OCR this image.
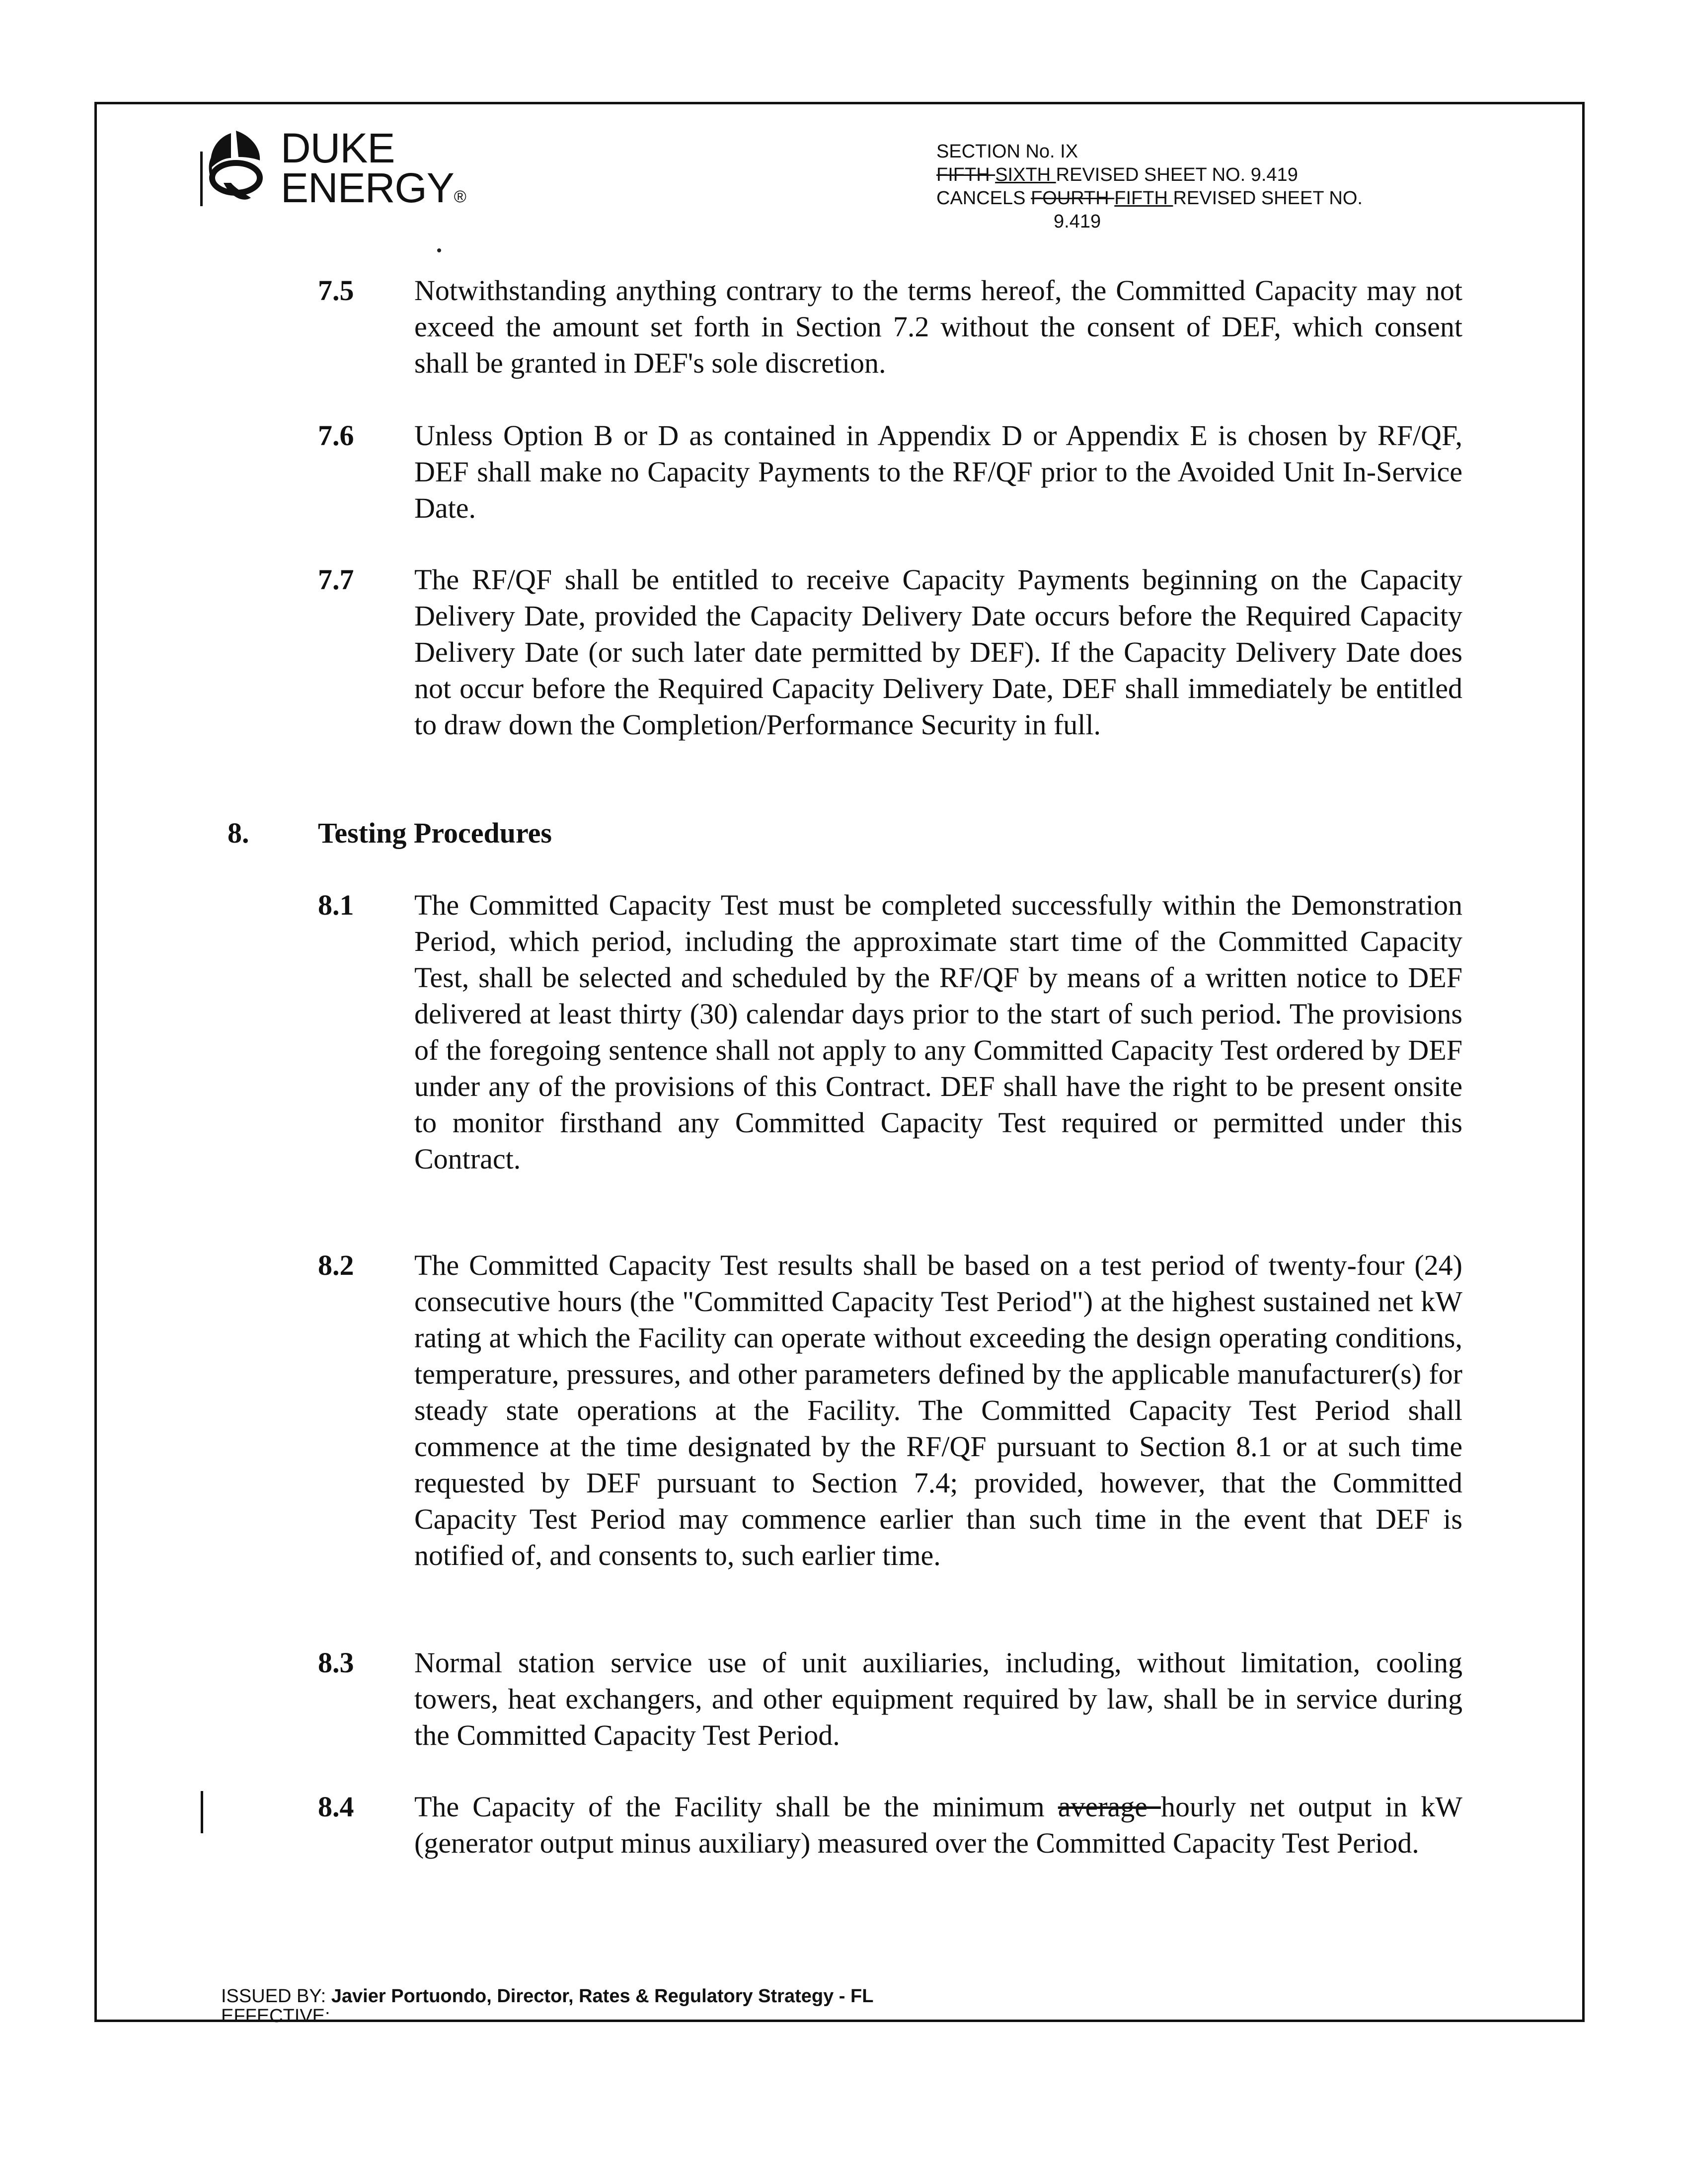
DUKE
ENERGY®
SECTION No. IX
FIFTH SIXTH REVISED SHEET NO. 9.419
CANCELS FOURTH FIFTH REVISED SHEET NO.
9.419
7.5 Notwithstanding anything contrary to the terms hereof, the Committed Capacity may not exceed the amount set forth in Section 7.2 without the consent of DEF, which consent shall be granted in DEF's sole discretion.
7.6 Unless Option B or D as contained in Appendix D or Appendix E is chosen by RF/QF, DEF shall make no Capacity Payments to the RF/QF prior to the Avoided Unit In-Service Date.
7.7 The RF/QF shall be entitled to receive Capacity Payments beginning on the Capacity Delivery Date, provided the Capacity Delivery Date occurs before the Required Capacity Delivery Date (or such later date permitted by DEF). If the Capacity Delivery Date does not occur before the Required Capacity Delivery Date, DEF shall immediately be entitled to draw down the Completion/Performance Security in full.
8. Testing Procedures
8.1 The Committed Capacity Test must be completed successfully within the Demonstration Period, which period, including the approximate start time of the Committed Capacity Test, shall be selected and scheduled by the RF/QF by means of a written notice to DEF delivered at least thirty (30) calendar days prior to the start of such period. The provisions of the foregoing sentence shall not apply to any Committed Capacity Test ordered by DEF under any of the provisions of this Contract. DEF shall have the right to be present onsite to monitor firsthand any Committed Capacity Test required or permitted under this Contract.
8.2 The Committed Capacity Test results shall be based on a test period of twenty-four (24) consecutive hours (the "Committed Capacity Test Period") at the highest sustained net kW rating at which the Facility can operate without exceeding the design operating conditions, temperature, pressures, and other parameters defined by the applicable manufacturer(s) for steady state operations at the Facility. The Committed Capacity Test Period shall commence at the time designated by the RF/QF pursuant to Section 8.1 or at such time requested by DEF pursuant to Section 7.4; provided, however, that the Committed Capacity Test Period may commence earlier than such time in the event that DEF is notified of, and consents to, such earlier time.
8.3 Normal station service use of unit auxiliaries, including, without limitation, cooling towers, heat exchangers, and other equipment required by law, shall be in service during the Committed Capacity Test Period.
8.4 The Capacity of the Facility shall be the minimum average hourly net output in kW (generator output minus auxiliary) measured over the Committed Capacity Test Period.
ISSUED BY: Javier Portuondo, Director, Rates & Regulatory Strategy - FL
EFFECTIVE:
